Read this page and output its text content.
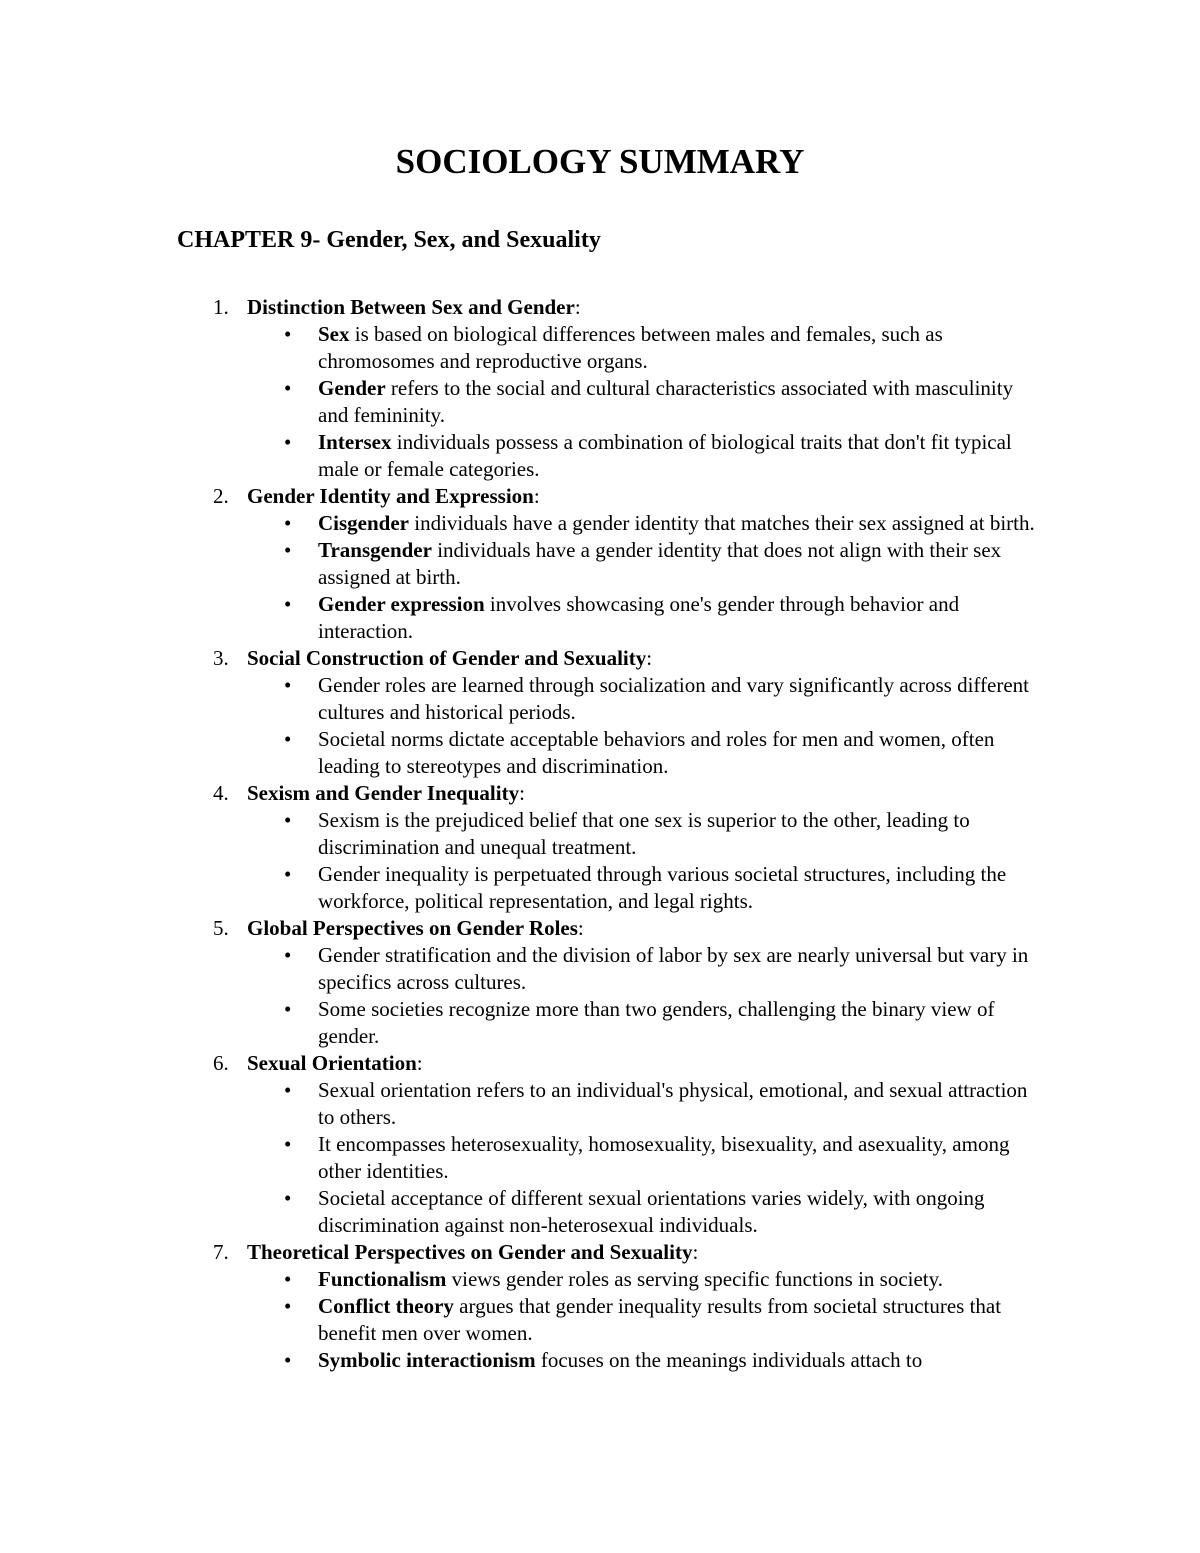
SOCIOLOGY SUMMARY
CHAPTER 9- Gender, Sex, and Sexuality
1. Distinction Between Sex and Gender:
• Sex is based on biological differences between males and females, such as chromosomes and reproductive organs.
• Gender refers to the social and cultural characteristics associated with masculinity and femininity.
• Intersex individuals possess a combination of biological traits that don't fit typical male or female categories.
2. Gender Identity and Expression:
• Cisgender individuals have a gender identity that matches their sex assigned at birth.
• Transgender individuals have a gender identity that does not align with their sex assigned at birth.
• Gender expression involves showcasing one's gender through behavior and interaction.
3. Social Construction of Gender and Sexuality:
• Gender roles are learned through socialization and vary significantly across different cultures and historical periods.
• Societal norms dictate acceptable behaviors and roles for men and women, often leading to stereotypes and discrimination.
4. Sexism and Gender Inequality:
• Sexism is the prejudiced belief that one sex is superior to the other, leading to discrimination and unequal treatment.
• Gender inequality is perpetuated through various societal structures, including the workforce, political representation, and legal rights.
5. Global Perspectives on Gender Roles:
• Gender stratification and the division of labor by sex are nearly universal but vary in specifics across cultures.
• Some societies recognize more than two genders, challenging the binary view of gender.
6. Sexual Orientation:
• Sexual orientation refers to an individual's physical, emotional, and sexual attraction to others.
• It encompasses heterosexuality, homosexuality, bisexuality, and asexuality, among other identities.
• Societal acceptance of different sexual orientations varies widely, with ongoing discrimination against non-heterosexual individuals.
7. Theoretical Perspectives on Gender and Sexuality:
• Functionalism views gender roles as serving specific functions in society.
• Conflict theory argues that gender inequality results from societal structures that benefit men over women.
• Symbolic interactionism focuses on the meanings individuals attach to
